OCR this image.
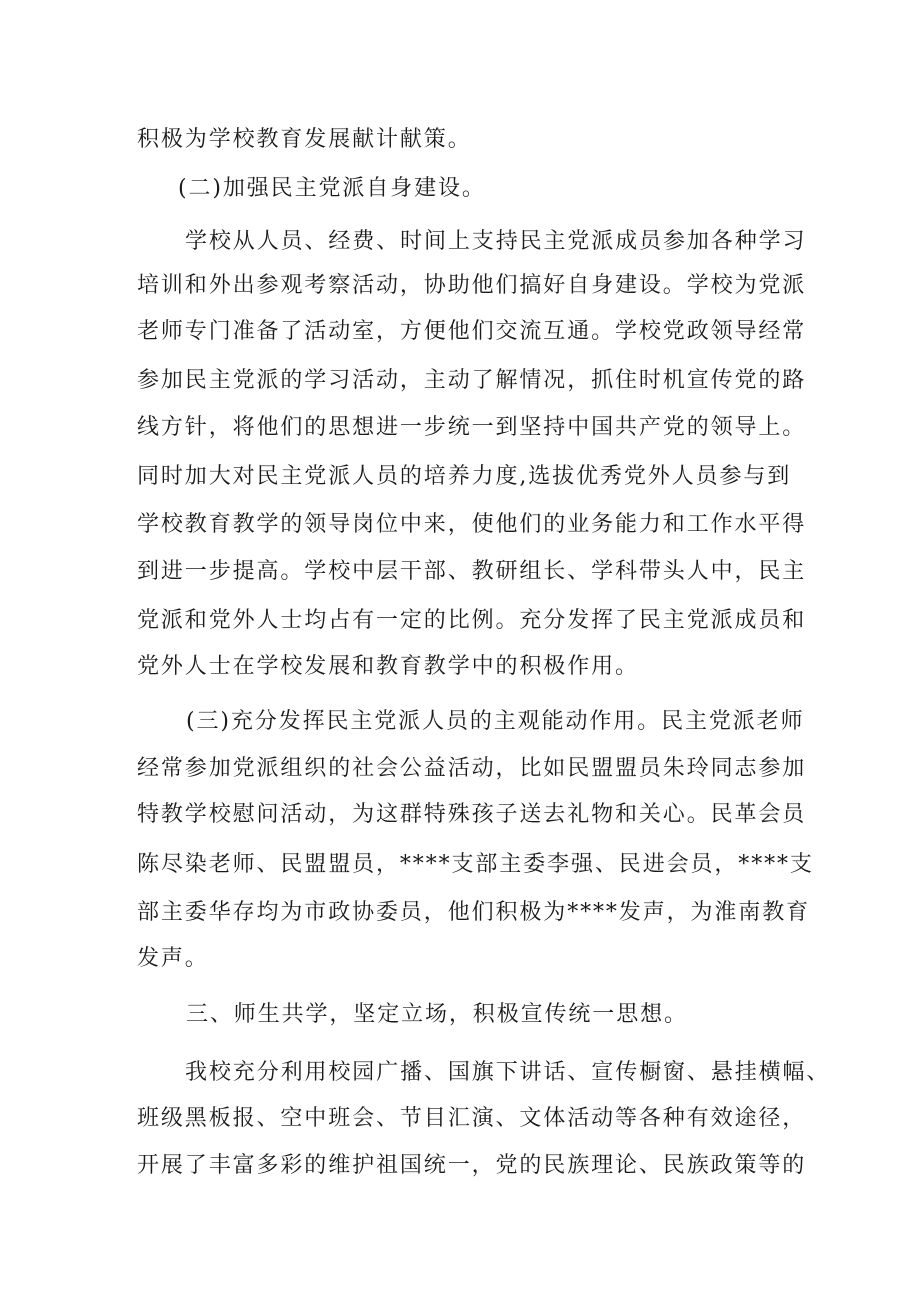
积极为学校教育发展献计献策。
(二)加强民主党派自身建设。
学校从人员、经费、时间上支持民主党派成员参加各种学习
培训和外出参观考察活动，协助他们搞好自身建设。学校为党派
老师专门准备了活动室，方便他们交流互通。学校党政领导经常
参加民主党派的学习活动，主动了解情况，抓住时机宣传党的路
线方针，将他们的思想进一步统一到坚持中国共产党的领导上。
同时加大对民主党派人员的培养力度,选拔优秀党外人员参与到
学校教育教学的领导岗位中来，使他们的业务能力和工作水平得
到进一步提高。学校中层干部、教研组长、学科带头人中，民主
党派和党外人士均占有一定的比例。充分发挥了民主党派成员和
党外人士在学校发展和教育教学中的积极作用。
(三)充分发挥民主党派人员的主观能动作用。民主党派老师
经常参加党派组织的社会公益活动，比如民盟盟员朱玲同志参加
特教学校慰问活动，为这群特殊孩子送去礼物和关心。民革会员
陈尽染老师、民盟盟员，****支部主委李强、民进会员，****支
部主委华存均为市政协委员，他们积极为****发声，为淮南教育
发声。
三、师生共学，坚定立场，积极宣传统一思想。
我校充分利用校园广播、国旗下讲话、宣传橱窗、悬挂横幅、
班级黑板报、空中班会、节目汇演、文体活动等各种有效途径，
开展了丰富多彩的维护祖国统一，党的民族理论、民族政策等的
